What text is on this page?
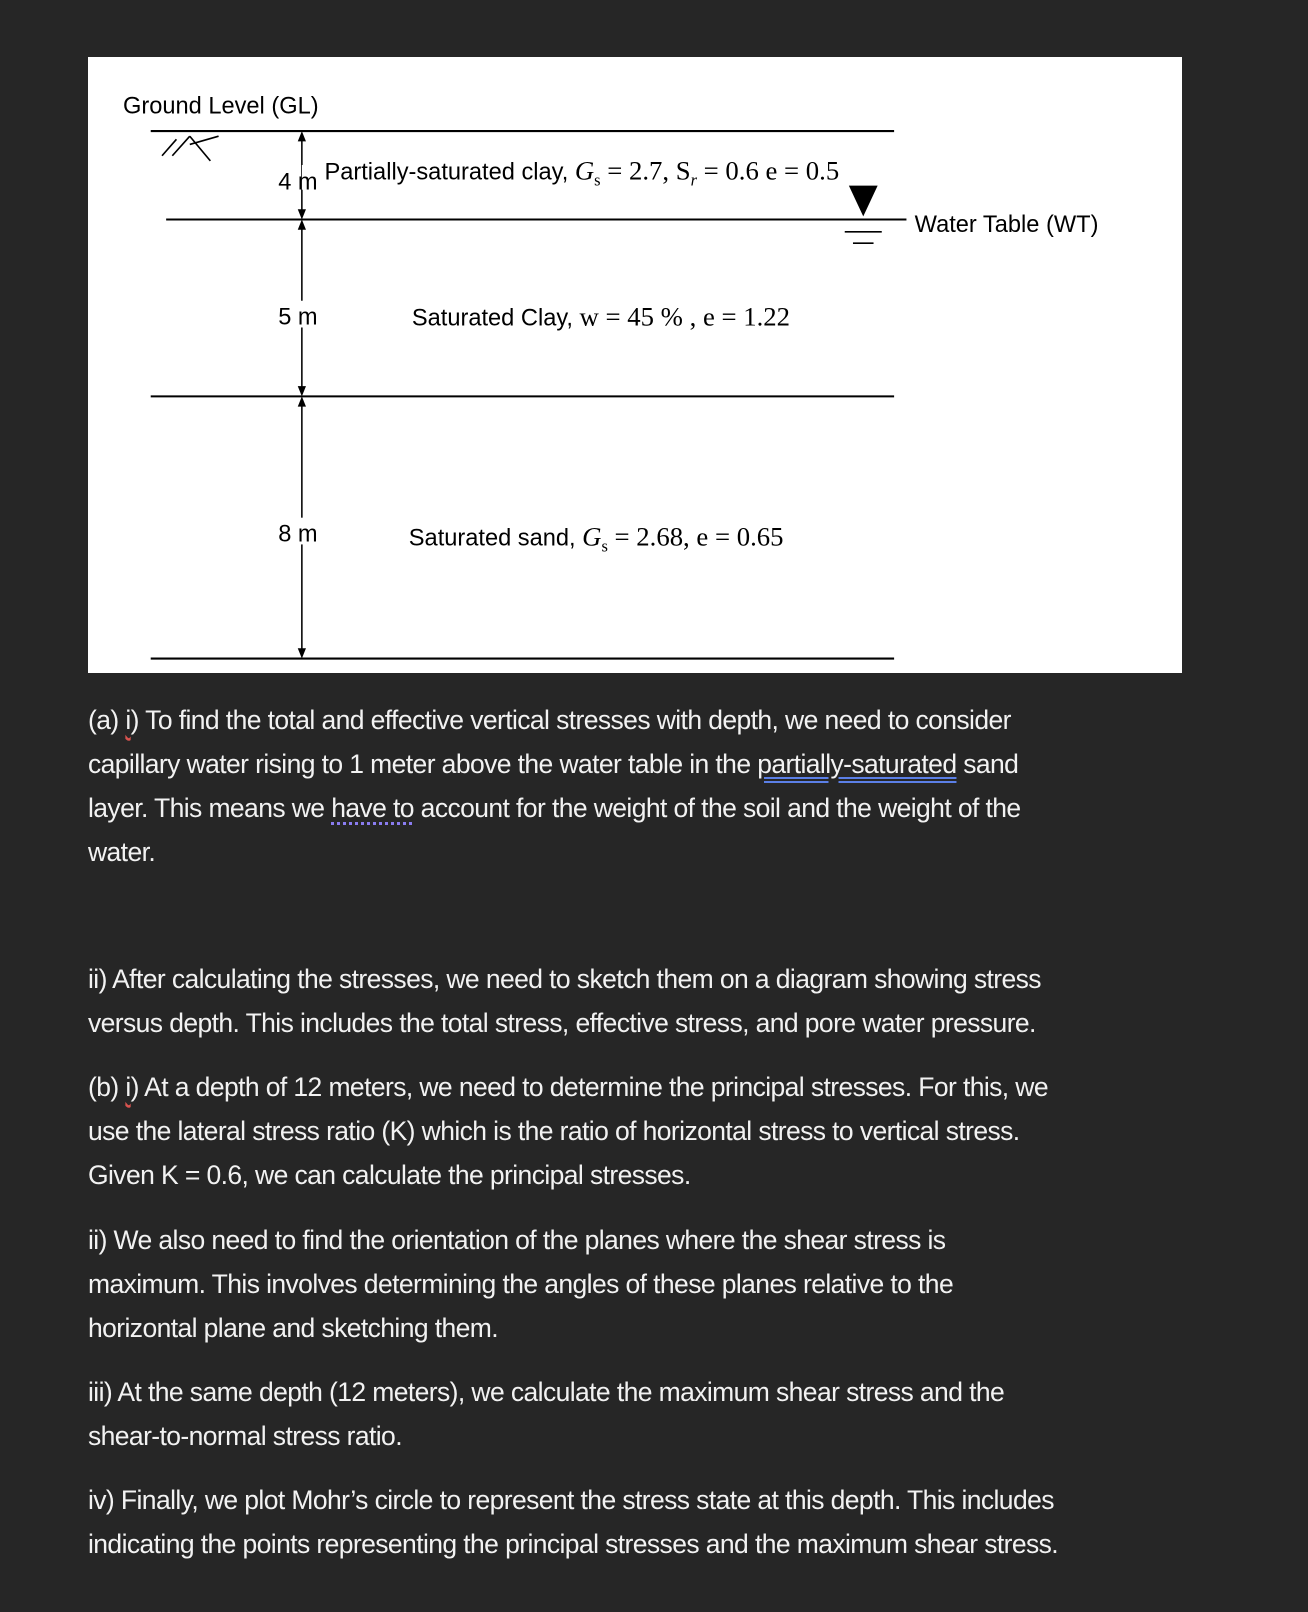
Ground Level (GL)
Water Table (WT)
4 m
5 m
8 m
Partially-saturated clay, $G_s = 2.7$, $S_r = 0.6$ e = 0.5
Saturated Clay, w = 45 % , e = 1.22
Saturated sand, $G_s = 2.68$, e = 0.65
(a) i) To find the total and effective vertical stresses with depth, we need to consider
capillary water rising to 1 meter above the water table in the partially-saturated sand
layer. This means we have to account for the weight of the soil and the weight of the
water.
ii) After calculating the stresses, we need to sketch them on a diagram showing stress
versus depth. This includes the total stress, effective stress, and pore water pressure.
(b) i) At a depth of 12 meters, we need to determine the principal stresses. For this, we
use the lateral stress ratio (K) which is the ratio of horizontal stress to vertical stress.
Given K = 0.6, we can calculate the principal stresses.
ii) We also need to find the orientation of the planes where the shear stress is
maximum. This involves determining the angles of these planes relative to the
horizontal plane and sketching them.
iii) At the same depth (12 meters), we calculate the maximum shear stress and the
shear-to-normal stress ratio.
iv) Finally, we plot Mohr’s circle to represent the stress state at this depth. This includes
indicating the points representing the principal stresses and the maximum shear stress.
